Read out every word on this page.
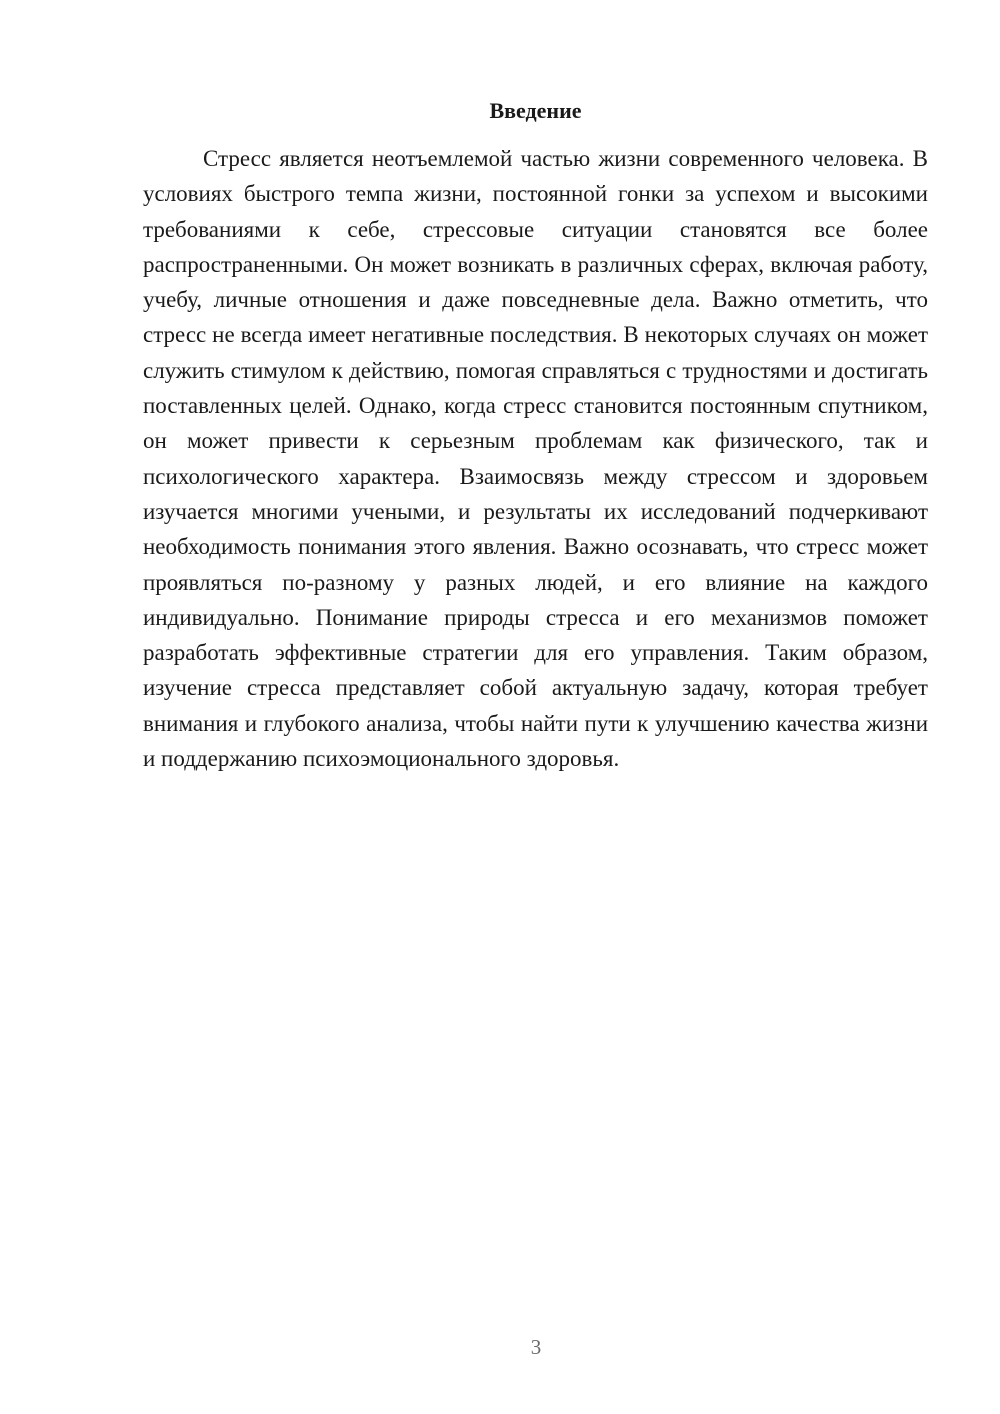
Введение

Стресс является неотъемлемой частью жизни современного человека. В условиях быстрого темпа жизни, постоянной гонки за успехом и высокими требованиями к себе, стрессовые ситуации становятся все более распространенными. Он может возникать в различных сферах, включая работу, учебу, личные отношения и даже повседневные дела. Важно отметить, что стресс не всегда имеет негативные последствия. В некоторых случаях он может служить стимулом к действию, помогая справляться с трудностями и достигать поставленных целей. Однако, когда стресс становится постоянным спутником, он может привести к серьезным проблемам как физического, так и психологического характера. Взаимосвязь между стрессом и здоровьем изучается многими учеными, и результаты их исследований подчеркивают необходимость понимания этого явления. Важно осознавать, что стресс может проявляться по-разному у разных людей, и его влияние на каждого индивидуально. Понимание природы стресса и его механизмов поможет разработать эффективные стратегии для его управления. Таким образом, изучение стресса представляет собой актуальную задачу, которая требует внимания и глубокого анализа, чтобы найти пути к улучшению качества жизни и поддержанию психоэмоционального здоровья.

3
